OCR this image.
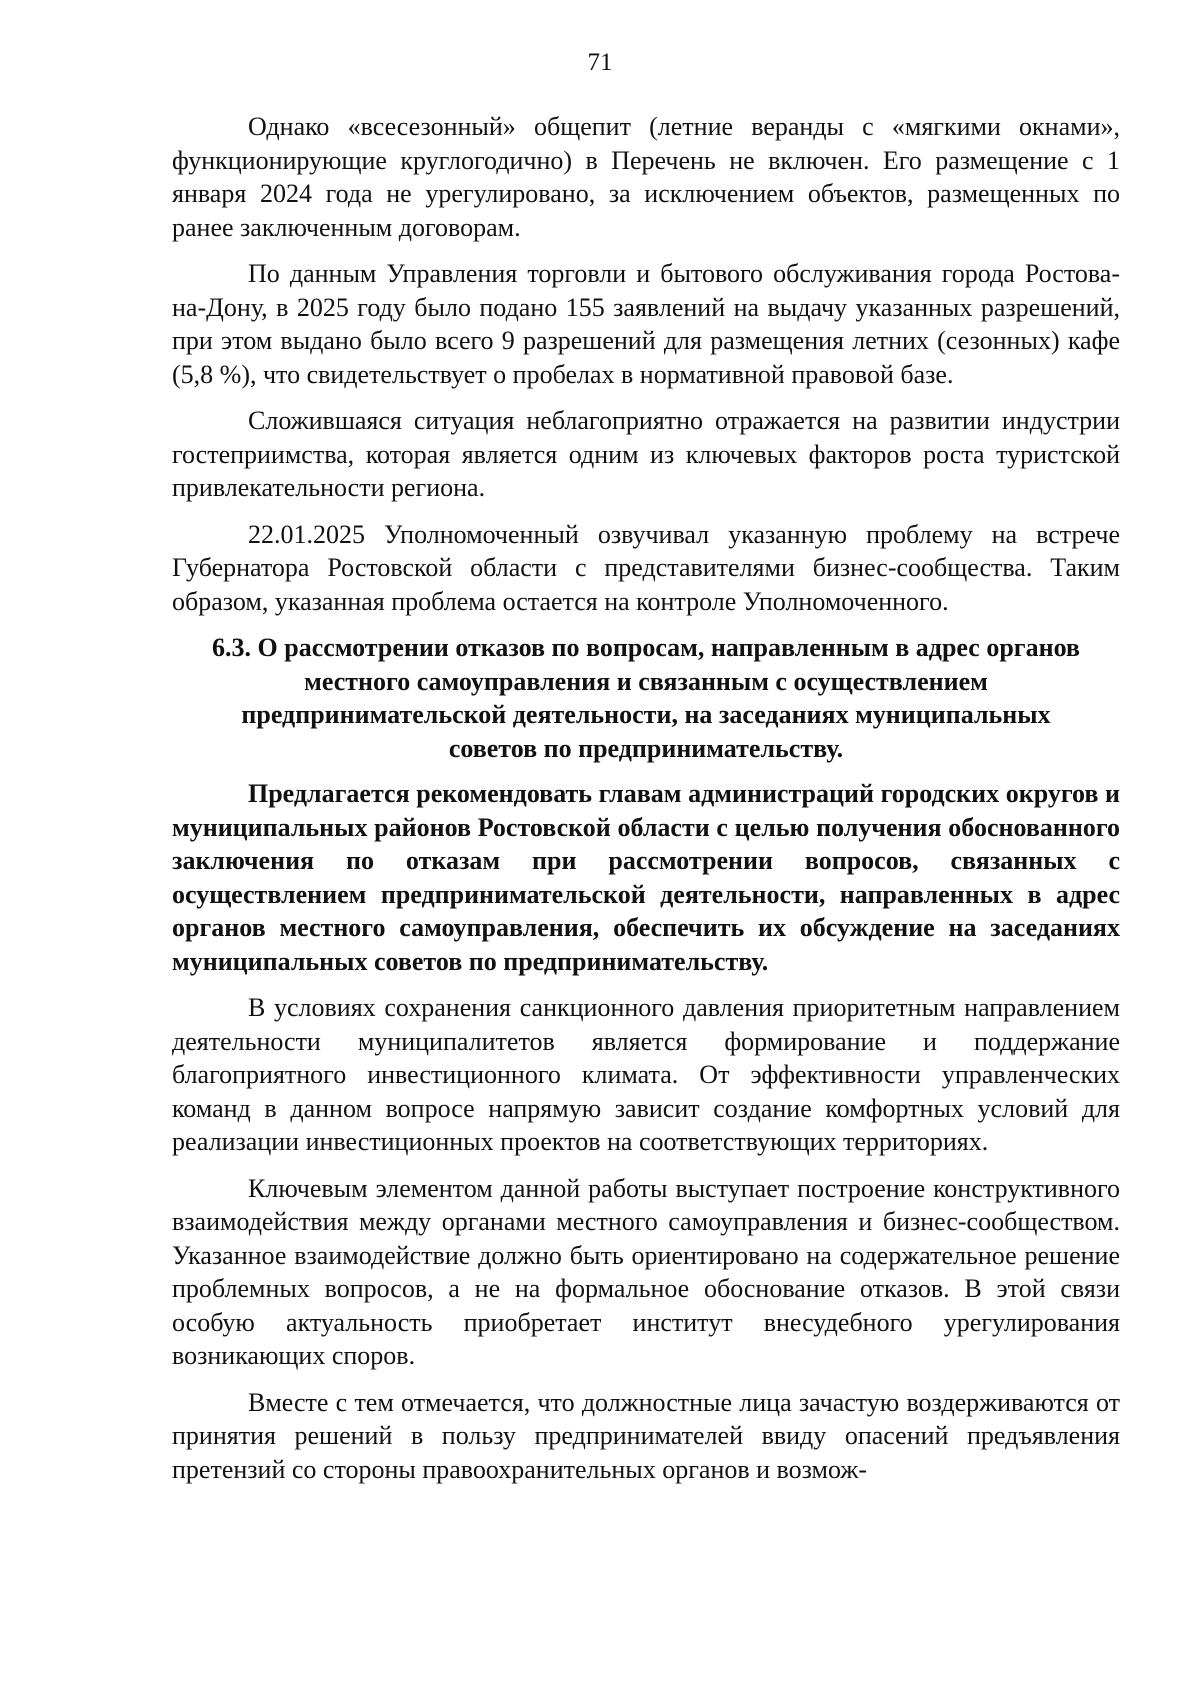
71

Однако «всесезонный» общепит (летние веранды с «мягкими окнами», функционирующие круглогодично) в Перечень не включен. Его размещение с 1 января 2024 года не урегулировано, за исключением объектов, размещенных по ранее заключенным договорам.

По данным Управления торговли и бытового обслуживания города Ростова-на-Дону, в 2025 году было подано 155 заявлений на выдачу указанных разрешений, при этом выдано было всего 9 разрешений для размещения летних (сезонных) кафе (5,8 %), что свидетельствует о пробелах в нормативной правовой базе.

Сложившаяся ситуация неблагоприятно отражается на развитии индустрии гостеприимства, которая является одним из ключевых факторов роста туристской привлекательности региона.

22.01.2025 Уполномоченный озвучивал указанную проблему на встрече Губернатора Ростовской области с представителями бизнес-сообщества. Таким образом, указанная проблема остается на контроле Уполномоченного.

6.3. О рассмотрении отказов по вопросам, направленным в адрес органов местного самоуправления и связанным с осуществлением предпринимательской деятельности, на заседаниях муниципальных советов по предпринимательству.

Предлагается рекомендовать главам администраций городских округов и муниципальных районов Ростовской области с целью получения обоснованного заключения по отказам при рассмотрении вопросов, связанных с осуществлением предпринимательской деятельности, направленных в адрес органов местного самоуправления, обеспечить их обсуждение на заседаниях муниципальных советов по предпринимательству.

В условиях сохранения санкционного давления приоритетным направлением деятельности муниципалитетов является формирование и поддержание благоприятного инвестиционного климата. От эффективности управленческих команд в данном вопросе напрямую зависит создание комфортных условий для реализации инвестиционных проектов на соответствующих территориях.

Ключевым элементом данной работы выступает построение конструктивного взаимодействия между органами местного самоуправления и бизнес-сообществом. Указанное взаимодействие должно быть ориентировано на содержательное решение проблемных вопросов, а не на формальное обоснование отказов. В этой связи особую актуальность приобретает институт внесудебного урегулирования возникающих споров.

Вместе с тем отмечается, что должностные лица зачастую воздерживаются от принятия решений в пользу предпринимателей ввиду опасений предъявления претензий со стороны правоохранительных органов и возмож-
